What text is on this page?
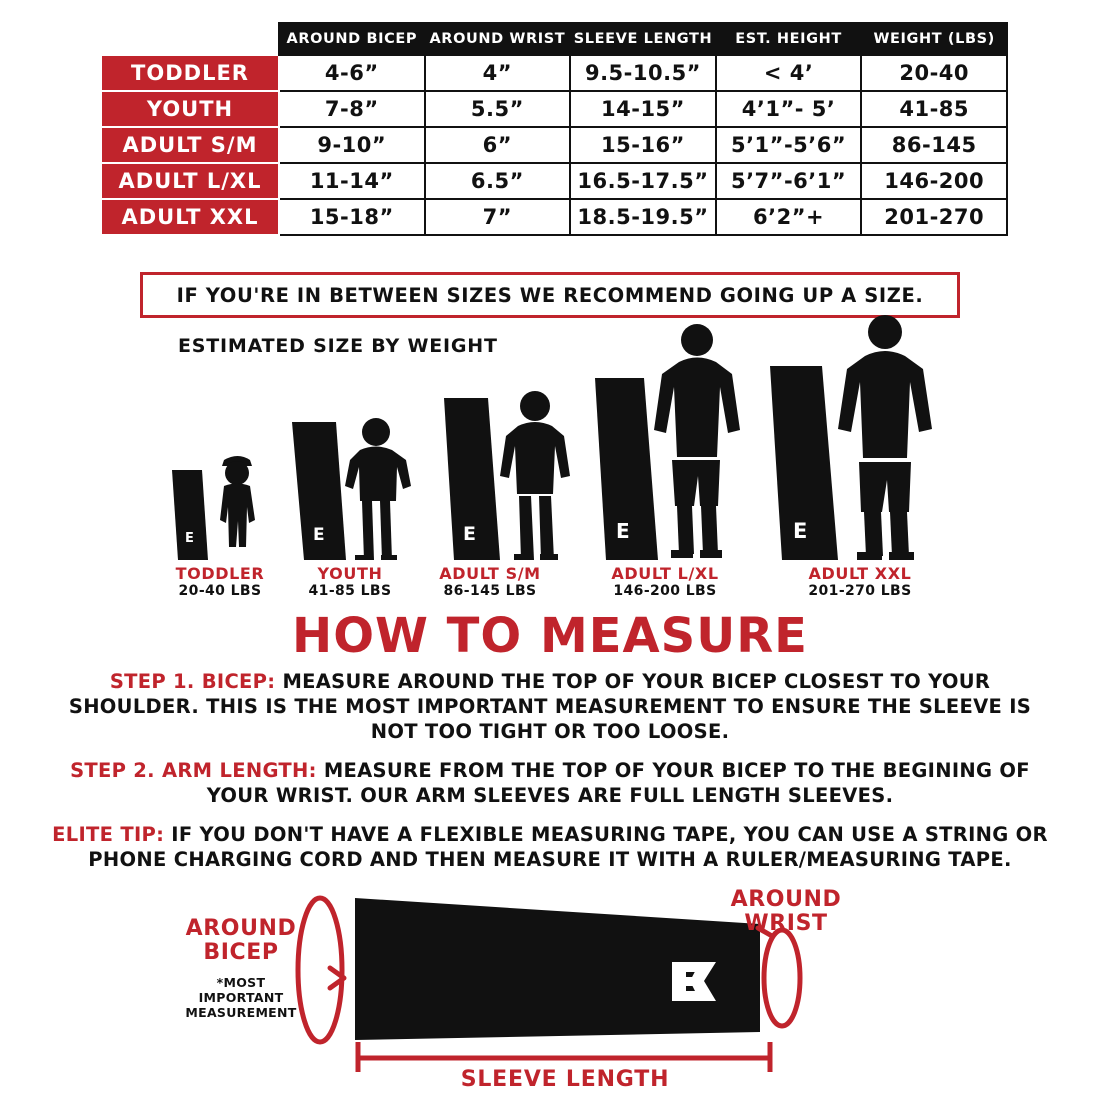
	AROUND BICEP	AROUND WRIST	SLEEVE LENGTH	EST. HEIGHT	WEIGHT (LBS)
TODDLER	4-6”	4”	9.5-10.5”	< 4’	20-40
YOUTH	7-8”	5.5”	14-15”	4’1”- 5’	41-85
ADULT S/M	9-10”	6”	15-16”	5’1”-5’6”	86-145
ADULT L/XL	11-14”	6.5”	16.5-17.5”	5’7”-6’1”	146-200
ADULT XXL	15-18”	7”	18.5-19.5”	6’2”+	201-270
IF YOU'RE IN BETWEEN SIZES WE RECOMMEND GOING UP A SIZE.
ESTIMATED SIZE BY WEIGHT
E	E	E	E	E
TODDLER
20-40 LBS
YOUTH
41-85 LBS
ADULT S/M
86-145 LBS
ADULT L/XL
146-200 LBS
ADULT XXL
201-270 LBS
HOW TO MEASURE
STEP 1. BICEP: MEASURE AROUND THE TOP OF YOUR BICEP CLOSEST TO YOUR SHOULDER. THIS IS THE MOST IMPORTANT MEASUREMENT TO ENSURE THE SLEEVE IS NOT TOO TIGHT OR TOO LOOSE.
STEP 2. ARM LENGTH: MEASURE FROM THE TOP OF YOUR BICEP TO THE BEGINING OF YOUR WRIST. OUR ARM SLEEVES ARE FULL LENGTH SLEEVES.
ELITE TIP: IF YOU DON'T HAVE A FLEXIBLE MEASURING TAPE, YOU CAN USE A STRING OR PHONE CHARGING CORD AND THEN MEASURE IT WITH A RULER/MEASURING TAPE.
AROUND BICEP
*MOST IMPORTANT MEASUREMENT
AROUND WRIST
SLEEVE LENGTH
